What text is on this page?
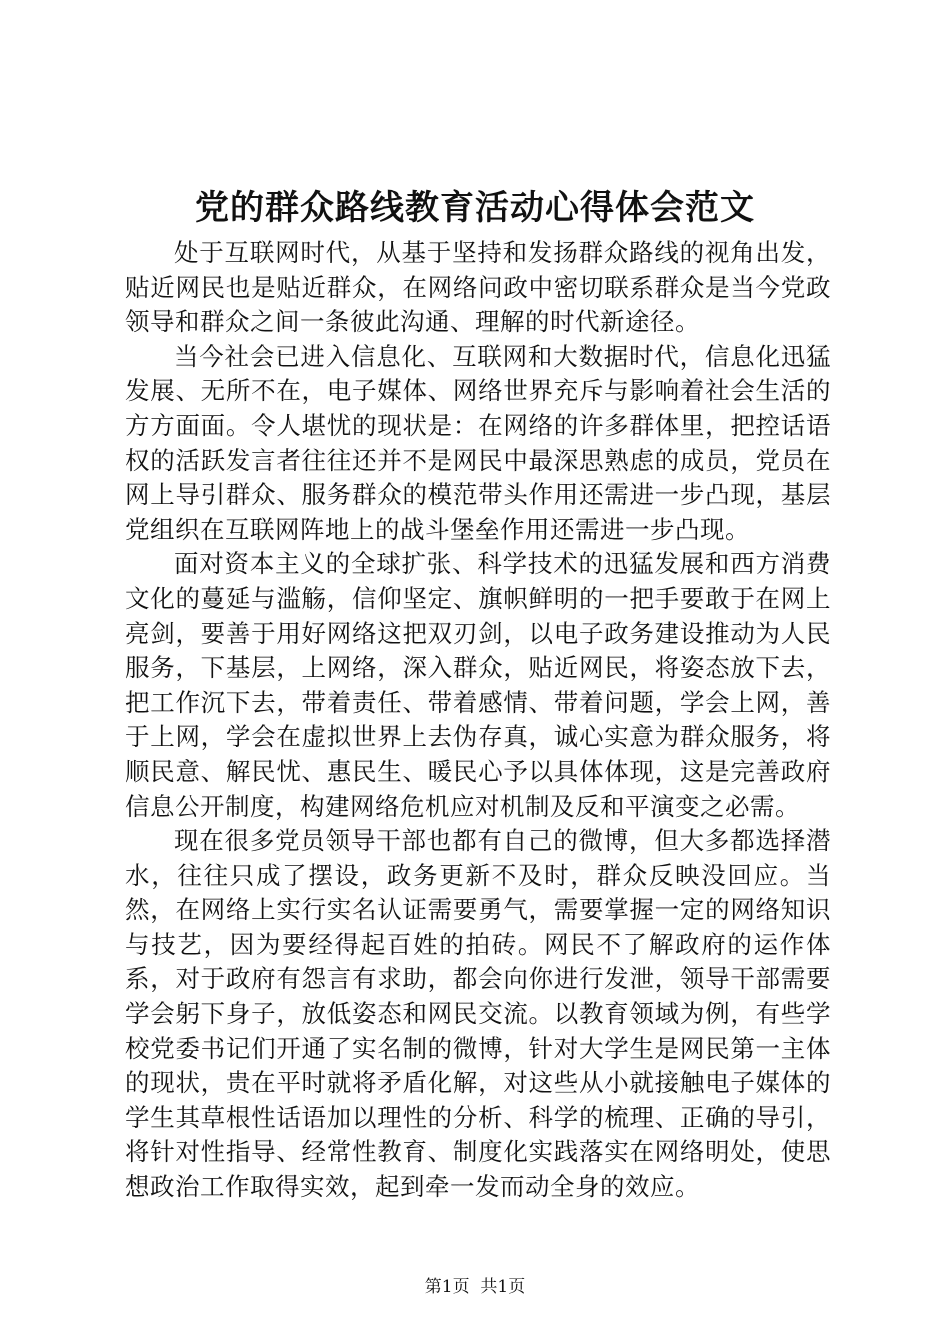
党的群众路线教育活动心得体会范文

处于互联网时代，从基于坚持和发扬群众路线的视角出发，贴近网民也是贴近群众，在网络问政中密切联系群众是当今党政领导和群众之间一条彼此沟通、理解的时代新途径。

当今社会已进入信息化、互联网和大数据时代，信息化迅猛发展、无所不在，电子媒体、网络世界充斥与影响着社会生活的方方面面。令人堪忧的现状是：在网络的许多群体里，把控话语权的活跃发言者往往还并不是网民中最深思熟虑的成员，党员在网上导引群众、服务群众的模范带头作用还需进一步凸现，基层党组织在互联网阵地上的战斗堡垒作用还需进一步凸现。

面对资本主义的全球扩张、科学技术的迅猛发展和西方消费文化的蔓延与滥觞，信仰坚定、旗帜鲜明的一把手要敢于在网上亮剑，要善于用好网络这把双刃剑，以电子政务建设推动为人民服务，下基层，上网络，深入群众，贴近网民，将姿态放下去，把工作沉下去，带着责任、带着感情、带着问题，学会上网，善于上网，学会在虚拟世界上去伪存真，诚心实意为群众服务，将顺民意、解民忧、惠民生、暖民心予以具体体现，这是完善政府信息公开制度，构建网络危机应对机制及反和平演变之必需。

现在很多党员领导干部也都有自己的微博，但大多都选择潜水，往往只成了摆设，政务更新不及时，群众反映没回应。当然，在网络上实行实名认证需要勇气，需要掌握一定的网络知识与技艺，因为要经得起百姓的拍砖。网民不了解政府的运作体系，对于政府有怨言有求助，都会向你进行发泄，领导干部需要学会躬下身子，放低姿态和网民交流。以教育领域为例，有些学校党委书记们开通了实名制的微博，针对大学生是网民第一主体的现状，贵在平时就将矛盾化解，对这些从小就接触电子媒体的学生其草根性话语加以理性的分析、科学的梳理、正确的导引，将针对性指导、经常性教育、制度化实践落实在网络明处，使思想政治工作取得实效，起到牵一发而动全身的效应。

第1页  共1页
